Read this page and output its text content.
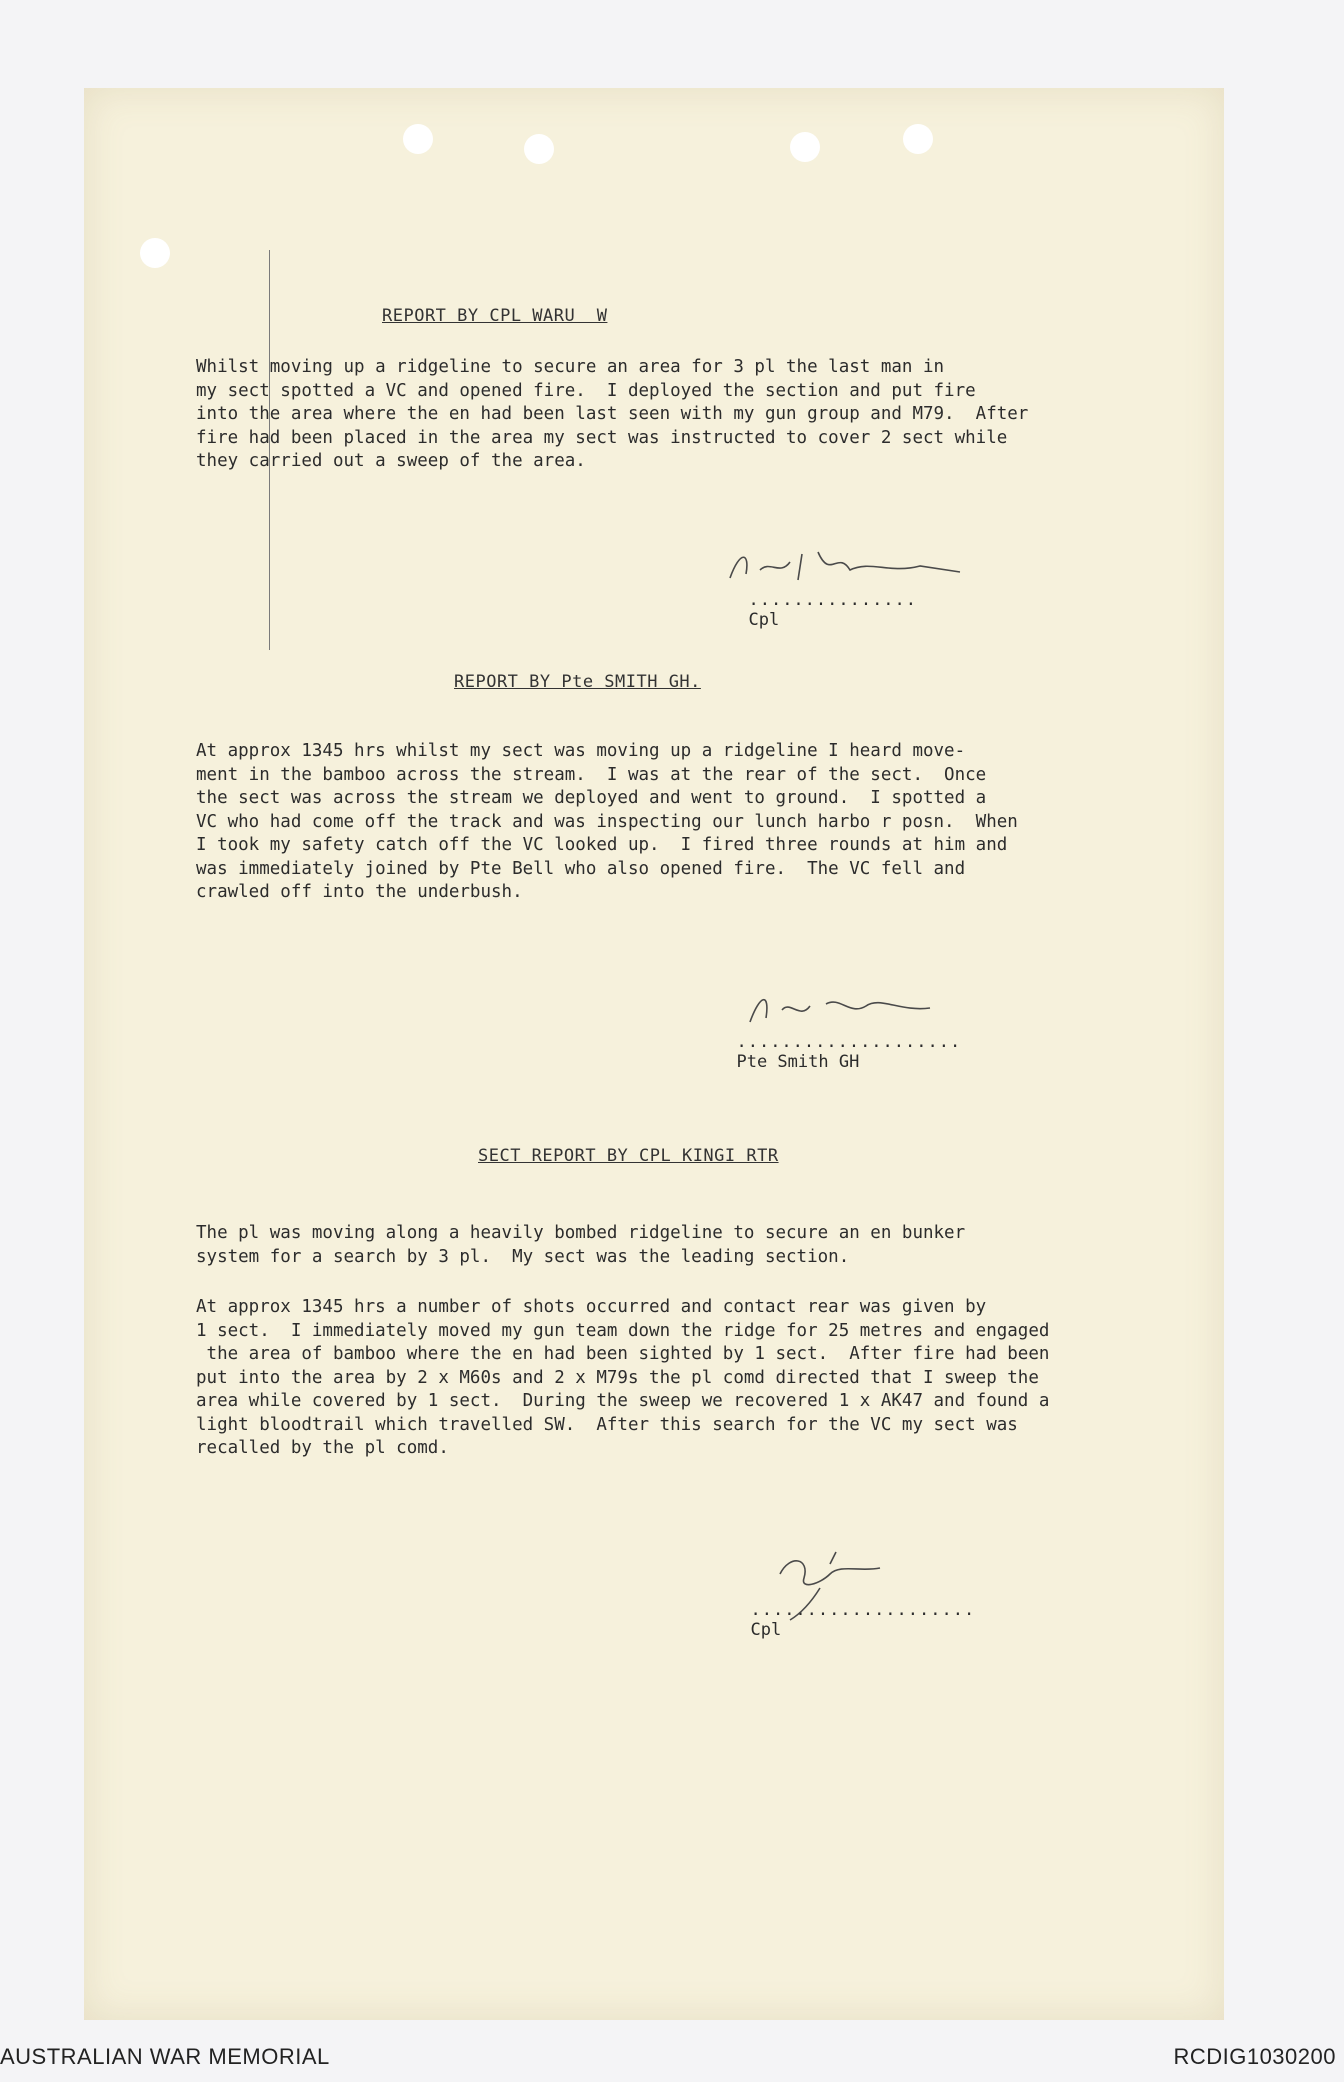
REPORT BY CPL WARU  W
Whilst moving up a ridgeline to secure an area for 3 pl the last man in
my sect spotted a VC and opened fire.  I deployed the section and put fire
into the area where the en had been last seen with my gun group and M79.  After
fire had been placed in the area my sect was instructed to cover 2 sect while
they carried out a sweep of the area.

...............
Cpl

REPORT BY Pte SMITH GH.
At approx 1345 hrs whilst my sect was moving up a ridgeline I heard move-
ment in the bamboo across the stream.  I was at the rear of the sect.  Once
the sect was across the stream we deployed and went to ground.  I spotted a
VC who had come off the track and was inspecting our lunch harbo r posn.  When
I took my safety catch off the VC looked up.  I fired three rounds at him and
was immediately joined by Pte Bell who also opened fire.  The VC fell and
crawled off into the underbush.

....................
Pte Smith GH

SECT REPORT BY CPL KINGI RTR
The pl was moving along a heavily bombed ridgeline to secure an en bunker
system for a search by 3 pl.  My sect was the leading section.
At approx 1345 hrs a number of shots occurred and contact rear was given by
1 sect.  I immediately moved my gun team down the ridge for 25 metres and engaged
the area of bamboo where the en had been sighted by 1 sect.  After fire had been
put into the area by 2 x M60s and 2 x M79s the pl comd directed that I sweep the
area while covered by 1 sect.  During the sweep we recovered 1 x AK47 and found a
light bloodtrail which travelled SW.  After this search for the VC my sect was
recalled by the pl comd.

....................
Cpl

AUSTRALIAN WAR MEMORIAL	RCDIG1030200
